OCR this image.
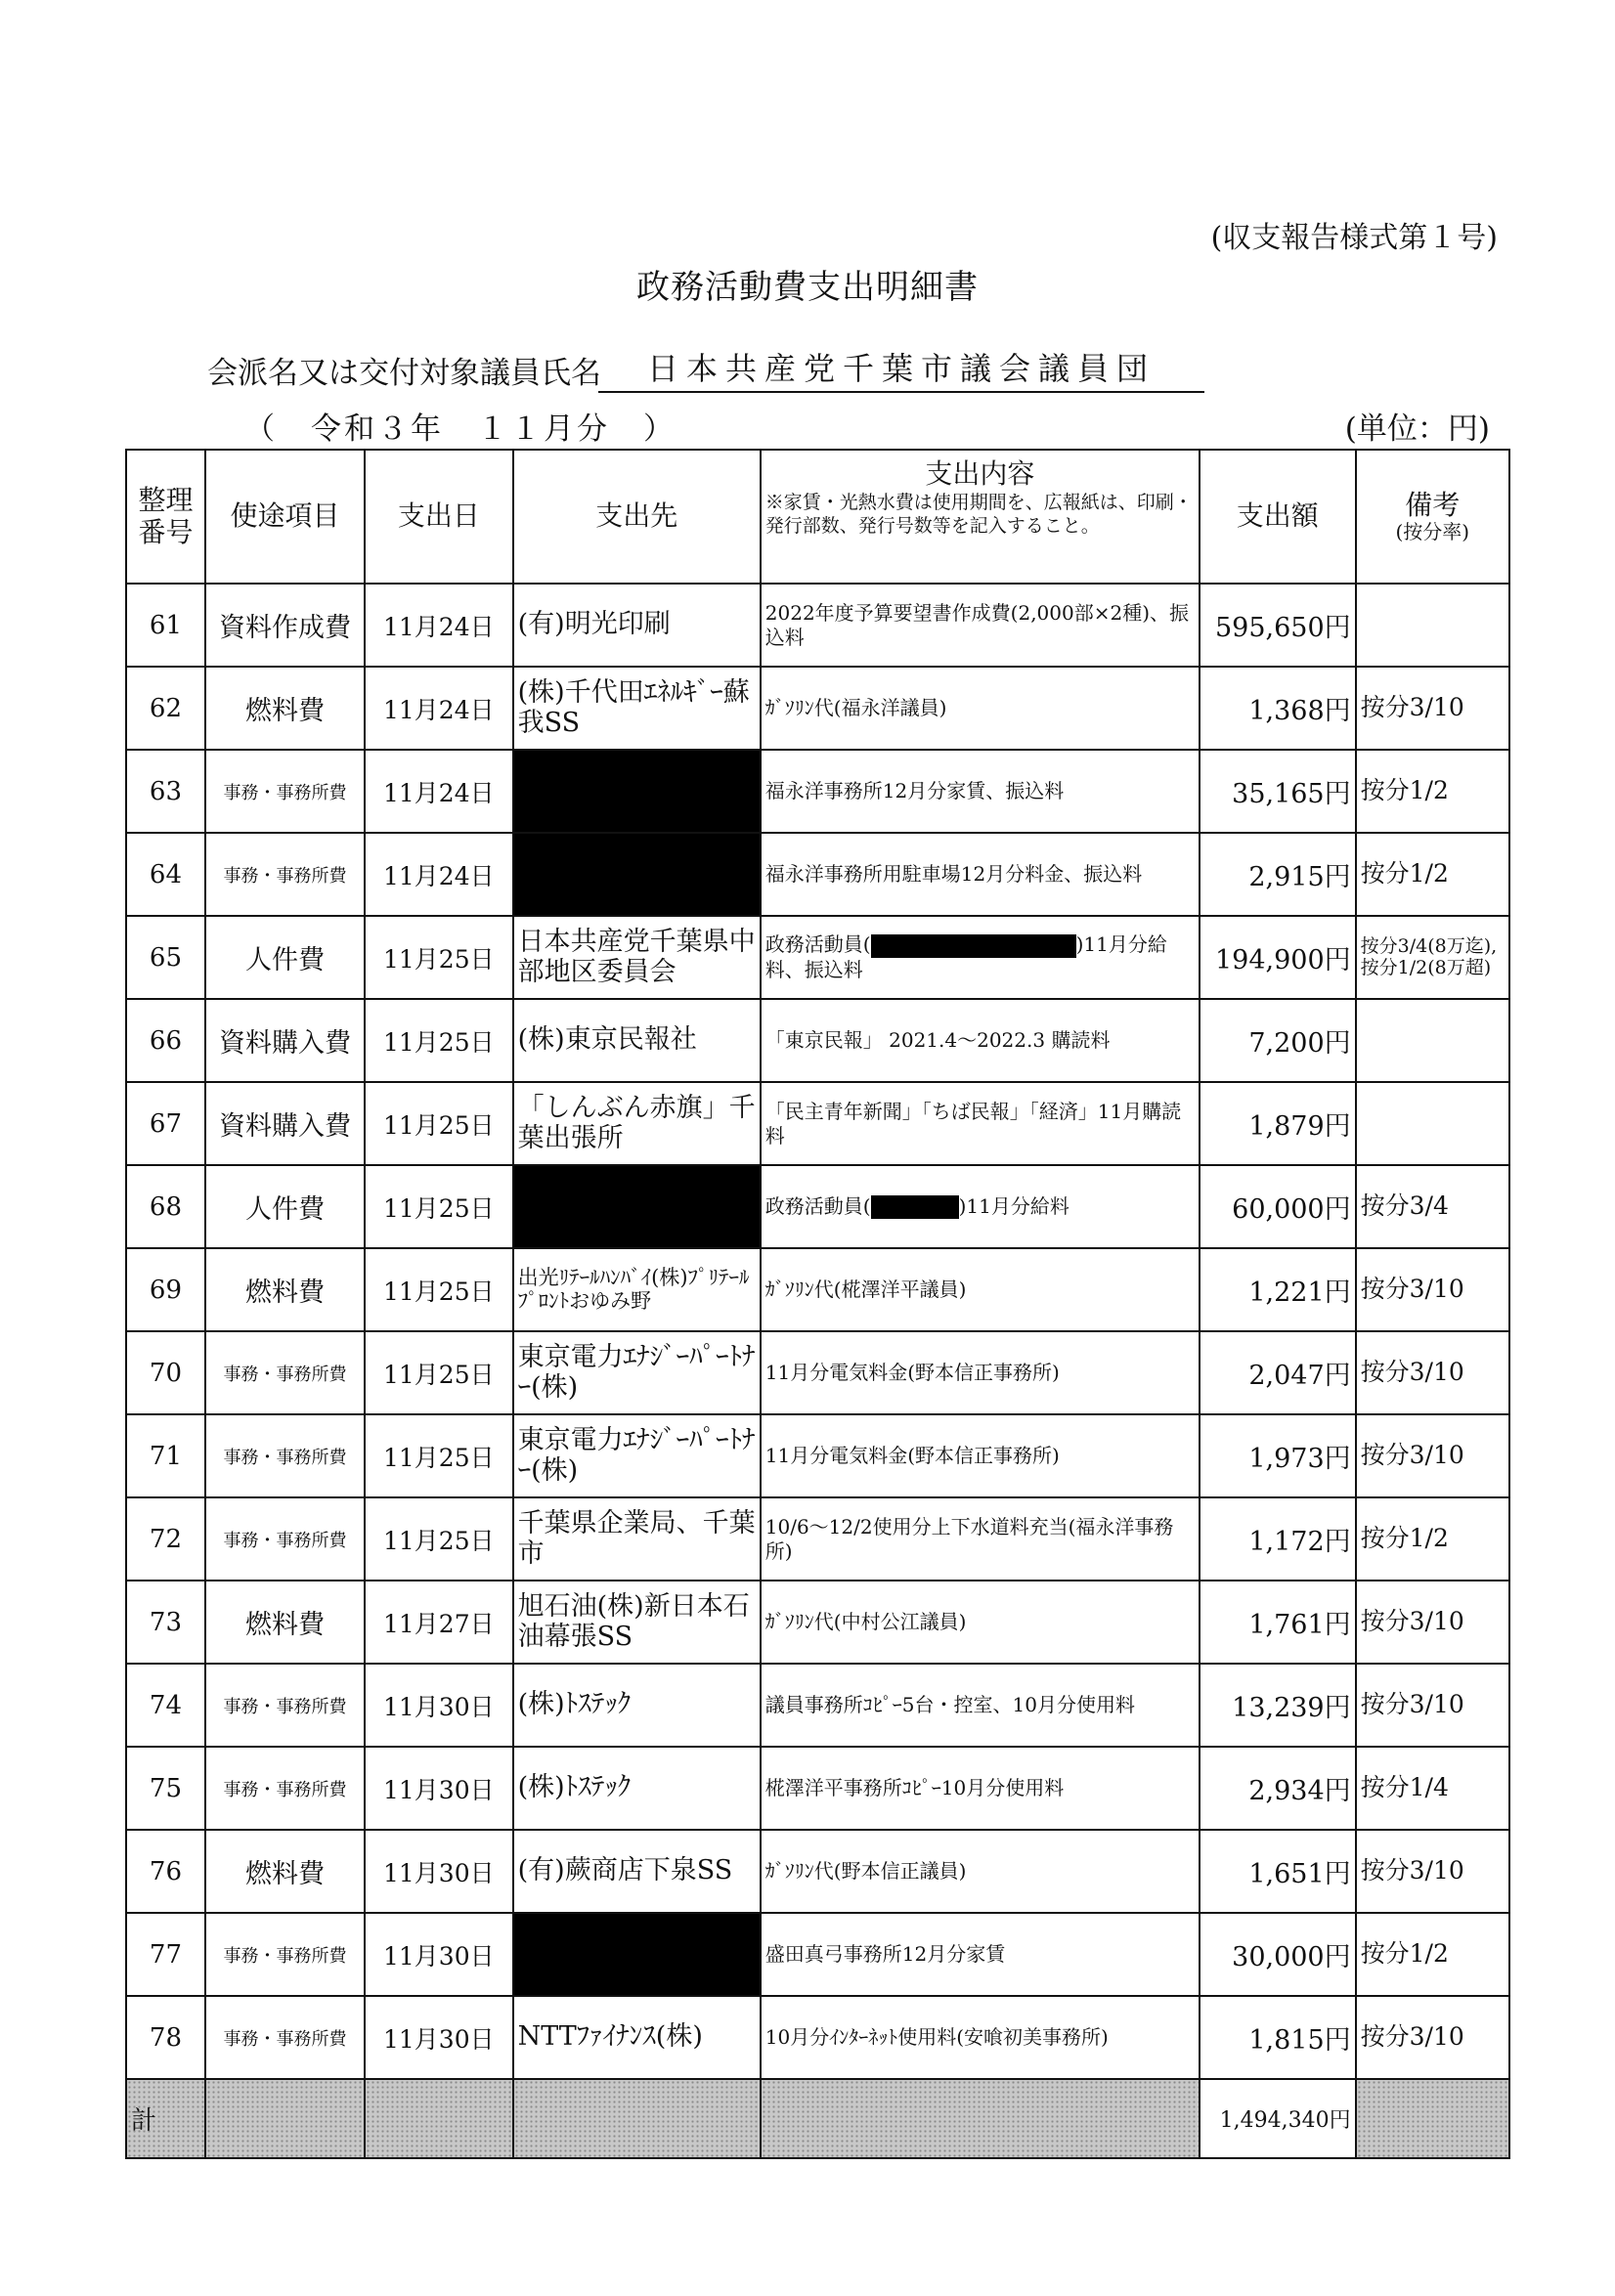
(収支報告様式第１号)
政務活動費支出明細書
会派名又は交付対象議員氏名	日本共産党千葉市議会議員団
（　令和３年　１１月分　）	(単位：円)
整理番号	使途項目	支出日	支出先	支出内容
※家賃・光熱水費は使用期間を、広報紙は、印刷・発行部数、発行号数等を記入すること。	支出額	備考
(按分率)

61	資料作成費	11月24日	(有)明光印刷	2022年度予算要望書作成費(2,000部×2種)、振込料	595,650円	
62	燃料費	11月24日	(株)千代田ｴﾈﾙｷﾞｰ蘇我SS	ｶﾞｿﾘﾝ代(福永洋議員)	1,368円	按分3/10
63	事務・事務所費	11月24日		福永洋事務所12月分家賃、振込料	35,165円	按分1/2
64	事務・事務所費	11月24日		福永洋事務所用駐車場12月分料金、振込料	2,915円	按分1/2
65	人件費	11月25日	日本共産党千葉県中部地区委員会	政務活動員( )11月分給料、振込料	194,900円	按分3/4(8万迄),按分1/2(8万超)
66	資料購入費	11月25日	(株)東京民報社	「東京民報」 2021.4～2022.3 購読料	7,200円	
67	資料購入費	11月25日	「しんぶん赤旗」千葉出張所	「民主青年新聞」「ちば民報」「経済」11月購読料	1,879円	
68	人件費	11月25日		政務活動員( )11月分給料	60,000円	按分3/4
69	燃料費	11月25日	出光ﾘﾃｰﾙﾊﾝﾊﾞｲ(株)ﾌﾟﾘﾃｰﾙﾌﾟﾛﾝﾄおゆみ野	ｶﾞｿﾘﾝ代(椛澤洋平議員)	1,221円	按分3/10
70	事務・事務所費	11月25日	東京電力ｴﾅｼﾞｰﾊﾟｰﾄﾅｰ(株)	11月分電気料金(野本信正事務所)	2,047円	按分3/10
71	事務・事務所費	11月25日	東京電力ｴﾅｼﾞｰﾊﾟｰﾄﾅｰ(株)	11月分電気料金(野本信正事務所)	1,973円	按分3/10
72	事務・事務所費	11月25日	千葉県企業局、千葉市	10/6～12/2使用分上下水道料充当(福永洋事務所)	1,172円	按分1/2
73	燃料費	11月27日	旭石油(株)新日本石油幕張SS	ｶﾞｿﾘﾝ代(中村公江議員)	1,761円	按分3/10
74	事務・事務所費	11月30日	(株)ﾄｽﾃｯｸ	議員事務所ｺﾋﾟｰ5台・控室、10月分使用料	13,239円	按分3/10
75	事務・事務所費	11月30日	(株)ﾄｽﾃｯｸ	椛澤洋平事務所ｺﾋﾟｰ10月分使用料	2,934円	按分1/4
76	燃料費	11月30日	(有)蕨商店下泉SS	ｶﾞｿﾘﾝ代(野本信正議員)	1,651円	按分3/10
77	事務・事務所費	11月30日		盛田真弓事務所12月分家賃	30,000円	按分1/2
78	事務・事務所費	11月30日	NTTﾌｧｲﾅﾝｽ(株)	10月分ｲﾝﾀｰﾈｯﾄ使用料(安喰初美事務所)	1,815円	按分3/10
計					1,494,340円	
